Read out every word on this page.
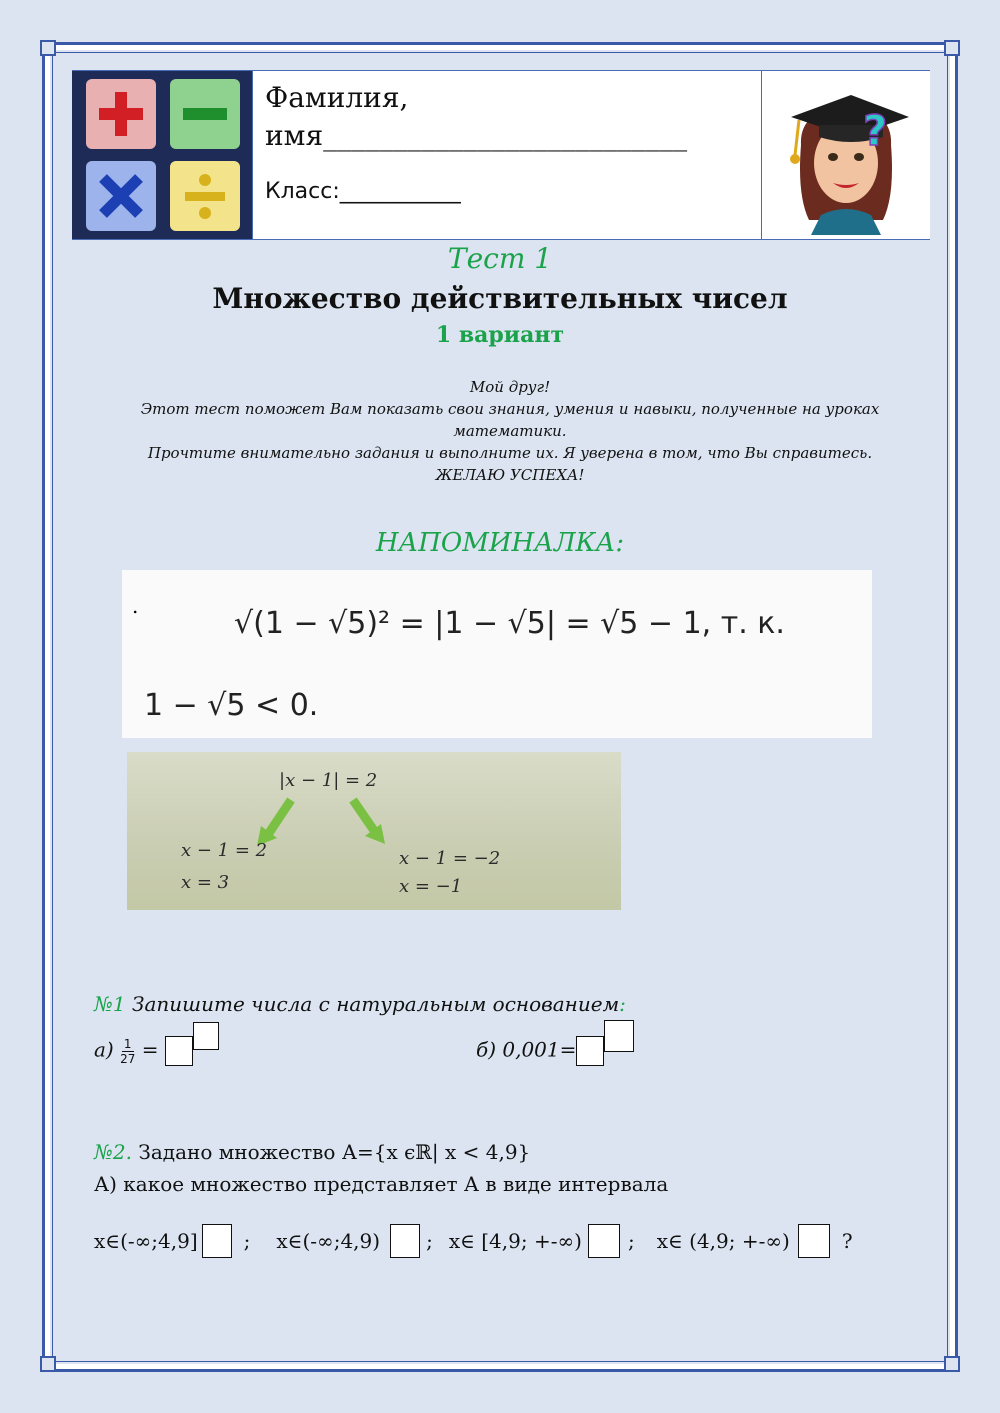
Фамилия,
имя__________________________
Класс:___________
?
Тест 1
Множество действительных чисел
1 вариант
Мой друг!
Этот тест поможет Вам показать свои знания, умения и навыки, полученные на уроках математики.
Прочтите внимательно задания и выполните их. Я уверена в том, что Вы справитесь.
ЖЕЛАЮ УСПЕХА!
НАПОМИНАЛКА:
.	√(1 − √5)² = |1 − √5| = √5 − 1, т. к.
1 − √5 < 0.
|x − 1| = 2
x − 1 = 2
x = 3
x − 1 = −2
x = −1
№1 Запишите числа с натуральным основанием:
$а) \frac{1}{27}$ =	б) 0,001=
№2. Задано множество А={х ϵℝ| х < 4,9}
А) какое множество представляет А в виде интервала
х∈(-∞;4,9] ; х∈(-∞;4,9) ; х∈ [4,9; +-∞) ; х∈ (4,9; +-∞)	?
